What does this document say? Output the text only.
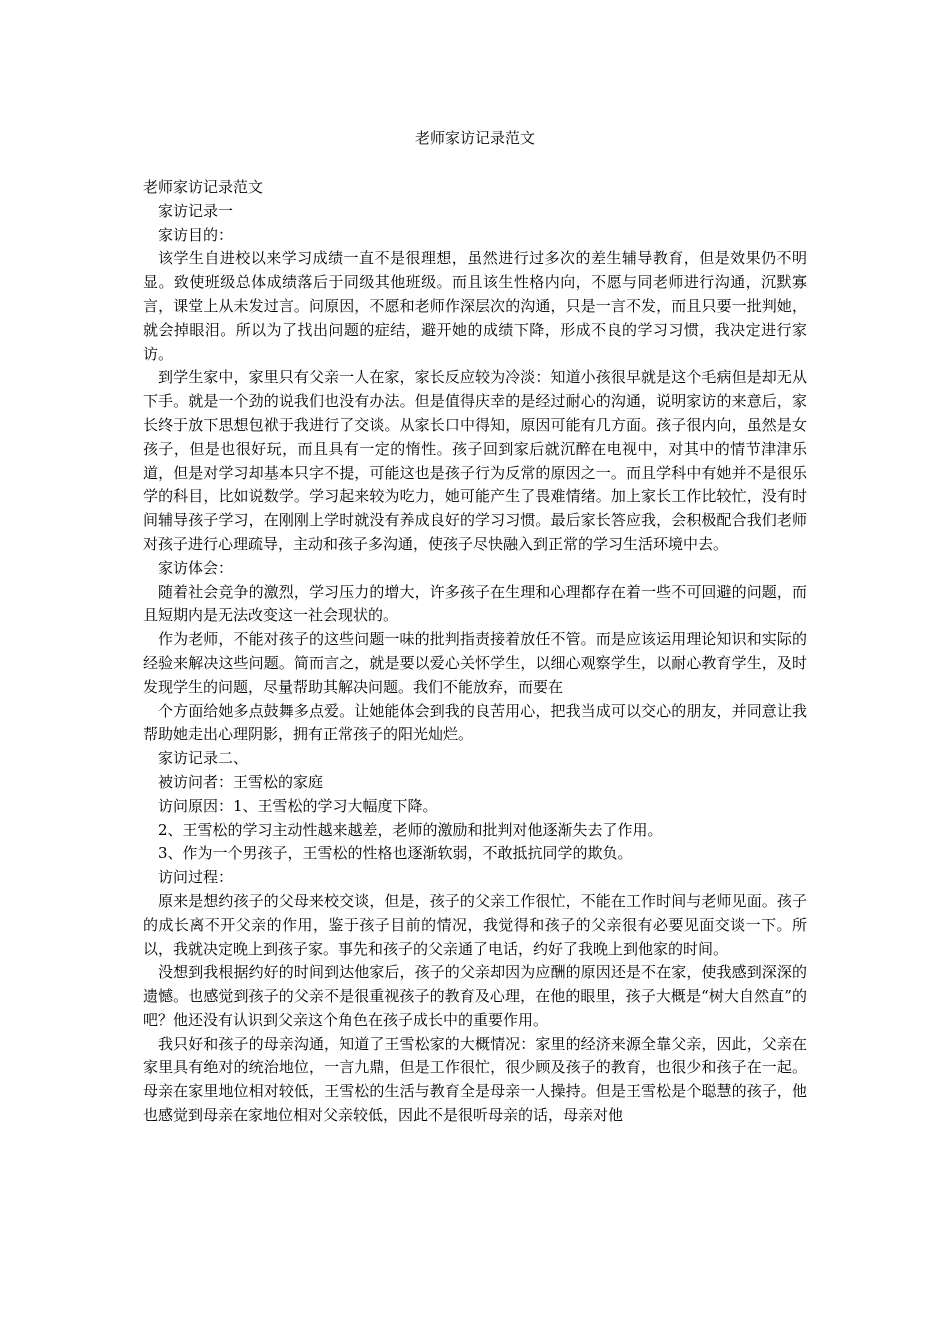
老师家访记录范文

老师家访记录范文

家访记录一

家访目的：

该学生自进校以来学习成绩一直不是很理想，虽然进行过多次的差生辅导教育，但是效果仍不明显。致使班级总体成绩落后于同级其他班级。而且该生性格内向，不愿与同老师进行沟通，沉默寡言，课堂上从未发过言。问原因，不愿和老师作深层次的沟通，只是一言不发，而且只要一批判她，就会掉眼泪。所以为了找出问题的症结，避开她的成绩下降，形成不良的学习习惯，我决定进行家访。

到学生家中，家里只有父亲一人在家，家长反应较为冷淡：知道小孩很早就是这个毛病但是却无从下手。就是一个劲的说我们也没有办法。但是值得庆幸的是经过耐心的沟通，说明家访的来意后，家长终于放下思想包袱于我进行了交谈。从家长口中得知，原因可能有几方面。孩子很内向，虽然是女孩子，但是也很好玩，而且具有一定的惰性。孩子回到家后就沉醉在电视中，对其中的情节津津乐道，但是对学习却基本只字不提，可能这也是孩子行为反常的原因之一。而且学科中有她并不是很乐学的科目，比如说数学。学习起来较为吃力，她可能产生了畏难情绪。加上家长工作比较忙，没有时间辅导孩子学习，在刚刚上学时就没有养成良好的学习习惯。最后家长答应我，会积极配合我们老师对孩子进行心理疏导，主动和孩子多沟通，使孩子尽快融入到正常的学习生活环境中去。

家访体会：

随着社会竞争的激烈，学习压力的增大，许多孩子在生理和心理都存在着一些不可回避的问题，而且短期内是无法改变这一社会现状的。

作为老师，不能对孩子的这些问题一味的批判指责接着放任不管。而是应该运用理论知识和实际的经验来解决这些问题。简而言之，就是要以爱心关怀学生，以细心观察学生，以耐心教育学生，及时发现学生的问题，尽量帮助其解决问题。我们不能放弃，而要在

个方面给她多点鼓舞多点爱。让她能体会到我的良苦用心，把我当成可以交心的朋友，并同意让我帮助她走出心理阴影，拥有正常孩子的阳光灿烂。

家访记录二、

被访问者：王雪松的家庭

访问原因：1、王雪松的学习大幅度下降。

2、王雪松的学习主动性越来越差，老师的激励和批判对他逐渐失去了作用。

3、作为一个男孩子，王雪松的性格也逐渐软弱，不敢抵抗同学的欺负。

访问过程：

原来是想约孩子的父母来校交谈，但是，孩子的父亲工作很忙，不能在工作时间与老师见面。孩子的成长离不开父亲的作用，鉴于孩子目前的情况，我觉得和孩子的父亲很有必要见面交谈一下。所以，我就决定晚上到孩子家。事先和孩子的父亲通了电话，约好了我晚上到他家的时间。

没想到我根据约好的时间到达他家后，孩子的父亲却因为应酬的原因还是不在家，使我感到深深的遗憾。也感觉到孩子的父亲不是很重视孩子的教育及心理，在他的眼里，孩子大概是“树大自然直”的吧？他还没有认识到父亲这个角色在孩子成长中的重要作用。

我只好和孩子的母亲沟通，知道了王雪松家的大概情况：家里的经济来源全靠父亲，因此，父亲在家里具有绝对的统治地位，一言九鼎，但是工作很忙，很少顾及孩子的教育，也很少和孩子在一起。母亲在家里地位相对较低，王雪松的生活与教育全是母亲一人操持。但是王雪松是个聪慧的孩子，他也感觉到母亲在家地位相对父亲较低，因此不是很听母亲的话，母亲对他
